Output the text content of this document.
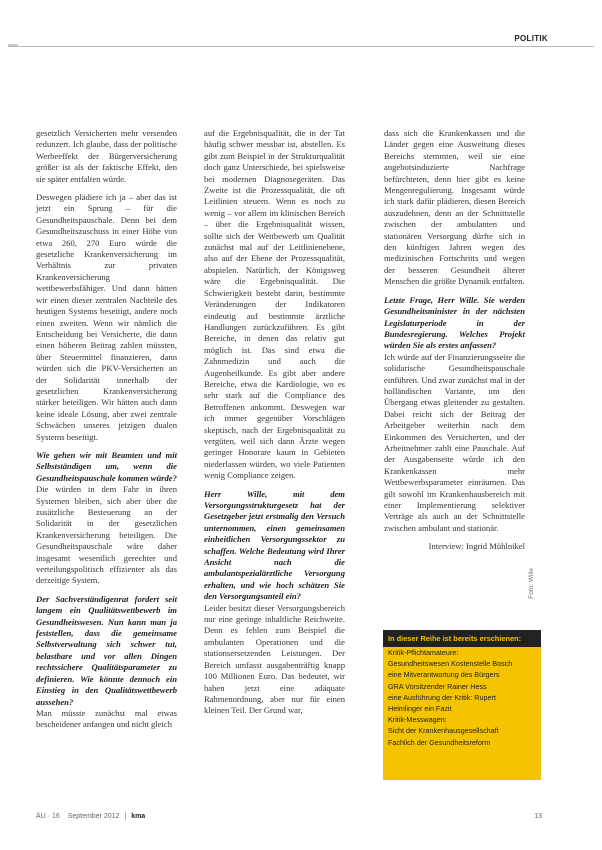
POLITIK

gesetzlich Versicherten mehr versenden redunzert. Ich glaube, dass der politische Werbeeffekt der Bürgerversicherung größer ist als der faktische Effekt, den sie später entfalten würde.

Deswegen plädiere ich ja – aber das ist jetzt ein Sprung – für die Gesundheitspauschale. Denn bei dem Gesundheitszuschuss in einer Höhe von etwa 260, 270 Euro würde die gesetzliche Krankenversicherung im Verhältnis zur privaten Krankenversicherung wettbewerbsfähiger. Und dann hätten wir einen dieser zentralen Nachteile des heutigen Systems beseitigt, andere noch einen zweiten. Wenn wir nämlich die Entscheidung bei Versicherte, die dann einen höheren Beitrag zahlen müssten, über Steuermittel finanzieren, dann würden sich die PKV-Versicherten an der Solidarität innerhalb der gesetzlichen Krankenversicherung stärker beteiligen. Wir hätten auch dann keine ideale Lösung, aber zwei zentrale Schwächen unseres jetzigen dualen Systems beseitigt.

Wie gehen wir mit Beamten und mit Selbstständigen um, wenn die Gesundheitspauschale kommen würde?

Die würden in dem Fahr in ihren Systemen bleiben, sich aber über die zusätzliche Besteuerung an der Solidarität in der gesetzlichen Krankenversicherung beteiligen. Die Gesundheitspauschale wäre daher insgesamt wesentlich gerechter und verteilungspolitisch effizienter als das derzeitige System.

Der Sachverständigenrat fordert seit langem ein Qualitätswettbewerb im Gesundheitswesen. Nun kann man ja feststellen, dass die gemeinsame Selbstverwaltung sich schwer tut, belastbare und vor allen Dingen rechtssichere Qualitätsparameter zu definieren. Wie könnte dennoch ein Einstieg in den Qualitätswettbewerb aussehen?

Man müsste zunächst mal etwas bescheidener anfangen und nicht gleich

auf die Ergebnisqualität, die in der Tat häufig schwer messbar ist, abstellen. Es gibt zum Beispiel in der Strukturqualität doch ganz Unterschiede, bei spielsweise bei modernen Diagnosegeräten. Das Zweite ist die Prozessqualität, die oft Leitlinien steuern. Wenn es noch zu wenig – vor allem im klinischen Bereich – über die Ergebnisqualität wissen, sollte sich der Wettbewerb um Qualität zunächst mal auf der Leitlinienebene, also auf der Ebene der Prozessqualität, abspielen. Natürlich, der Königsweg wäre die Ergebnisqualität. Die Schwierigkeit besteht darin, bestimmte Veränderungen der Indikatoren eindeutig auf bestimmte ärztliche Handlungen zurückzuführen. Es gibt Bereiche, in denen das relativ gut möglich ist. Das sind etwa die Zahnmedizin und auch die Augenheilkunde. Es gibt aber andere Bereiche, etwa die Kardiologie, wo es sehr stark auf die Compliance des Betroffenen ankommt. Deswegen war ich immer gegenüber Vorschlägen skeptisch, nach der Ergebnisqualität zu vergüten, weil sich dann Ärzte wegen geringer Honorare kaum in Gebieten niederlassen würden, wo viele Patienten wenig Compliance zeigen.

Herr Wille, mit dem Versorgungsstrukturgesetz hat der Gesetzgeber jetzt erstmalig den Versuch unternommen, einen gemeinsamen einheitlichen Versorgungssektor zu schaffen. Welche Bedeutung wird Ihrer Ansicht nach die ambulantspezialärztliche Versorgung erhalten, und wie hoch schätzen Sie den Versorgungsanteil ein?

Leider besitzt dieser Versorgungsbereich nur eine geringe inhaltliche Reichweite. Denn es fehlen zum Beispiel die ambulanten Operationen und die stationsersetzenden Leistungen. Der Bereich umfasst ausgabenträftig knapp 100 Millionen Euro. Das bedeutet, wir haben jetzt eine adäquate Rahmenordnung, aber nur für einen kleinen Teil. Der Grund war,

dass sich die Krankenkassen und die Länder gegen eine Ausweitung dieses Bereichs stemmten, weil sie eine angebotsinduzierte Nachfrage befürchteten, denn hier gibt es keine Mengenregulierung. Insgesamt würde ich stark dafür plädieren, diesen Bereich auszudehnen, denn an der Schnittstelle zwischen der ambulanten und stationären Versorgung dürfte sich in den künftigen Jahren wegen des medizinischen Fortschritts und wegen der besseren Gesundheit älterer Menschen die größte Dynamik entfalten.

Letzte Frage, Herr Wille. Sie werden Gesundheitsminister in der nächsten Legislaturperiode in der Bundesregierung. Welches Projekt würden Sie als erstes anfassen?

Ich würde auf der Finanzierungsseite die solidarische Gesundheitspauschale einführen. Und zwar zunächst mal in der holländischen Variante, um den Übergang etwas gleitender zu gestalten. Dabei reicht sich der Beitrag der Arbeitgeber weiterhin nach dem Einkommen des Versicherten, und der Arbeitnehmer zahlt eine Pauschale. Auf der Ausgabenseite würde ich den Krankenkassen mehr Wettbewerbsparameter einräumen. Das gilt sowohl im Krankenhausbereich mit einer Implementierung selektiver Verträge als auch an der Schnittstelle zwischen ambulant und stationär.

Interview: Ingrid Mühlnikel

Foto: Wille
In dieser Reihe ist bereits erschienen:
Kritik-Pflichtamateure:
Gesundheitswesen Kostenstelle Bosch
eine Mitverantwortung des Bürgers
GRA Vorsitzender Rainer Hess
eine Ausführung der Kritik: Rupert
Heimlinger ein Fazit
Kritik-Messwagen:
Sicht der Krankenhausgesellschaft
Fachlich der Gesundheitsreform
ÄU · 16 September 2012 | kma	13
